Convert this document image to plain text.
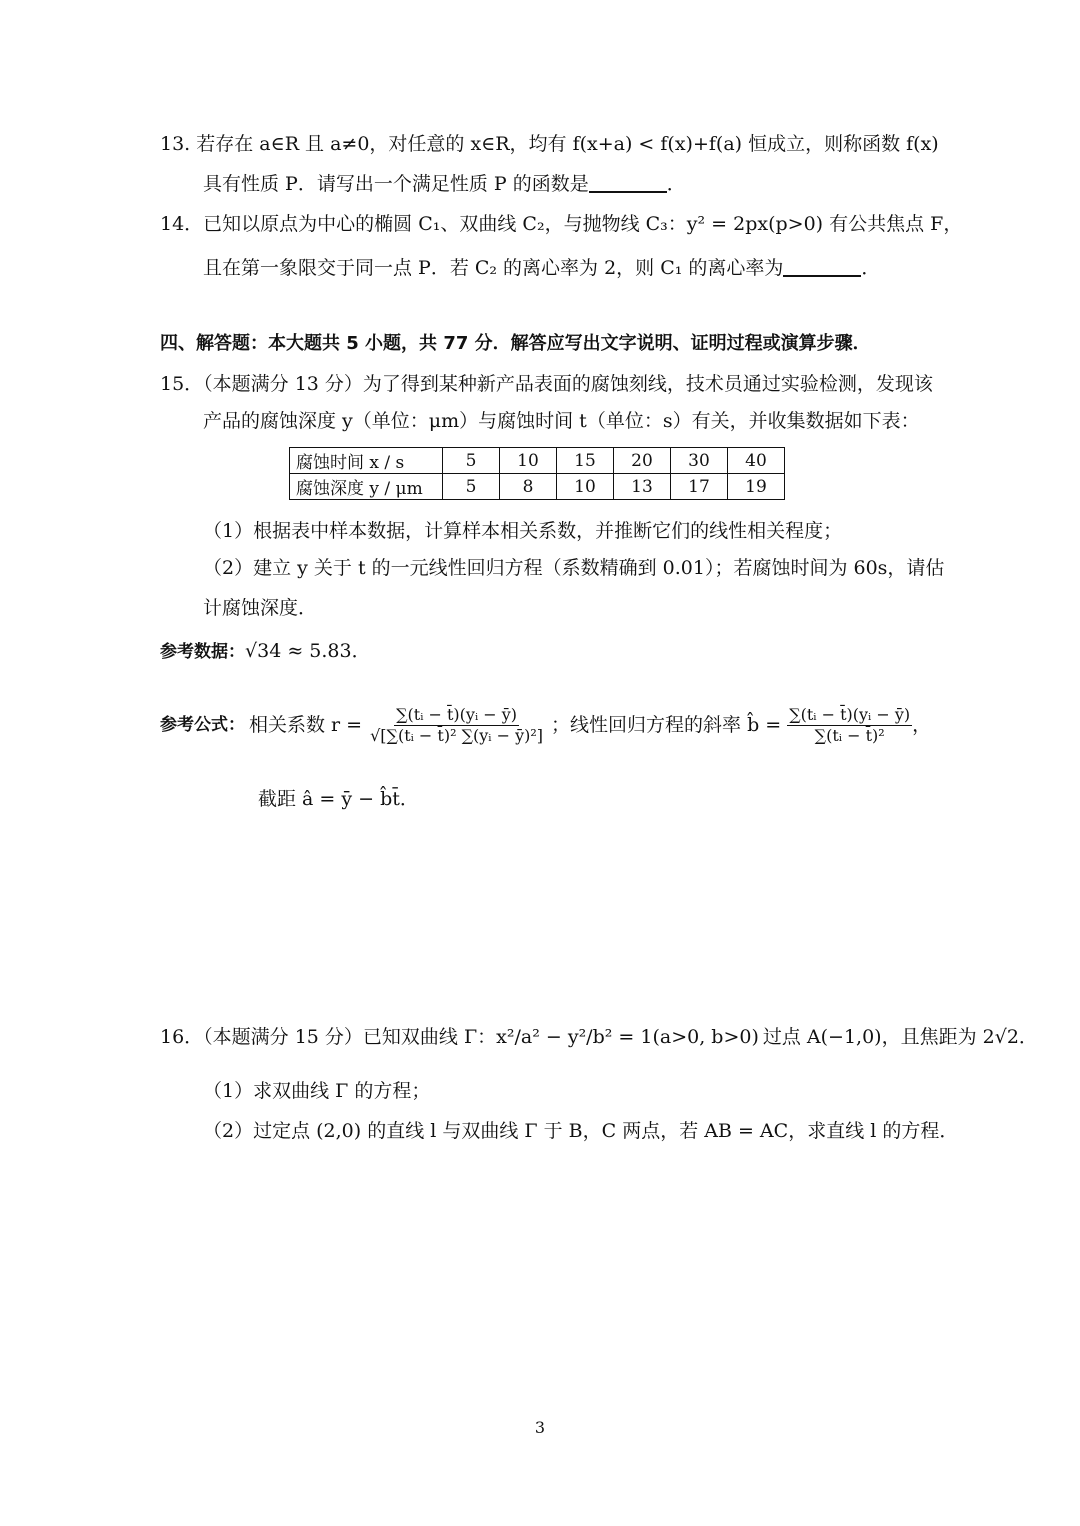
13. 若存在 a∈R 且 a≠0，对任意的 x∈R，均有 f(x+a) < f(x)+f(a) 恒成立，则称函数 f(x)
具有性质 P．请写出一个满足性质 P 的函数是	．
14．已知以原点为中心的椭圆 C₁、双曲线 C₂，与抛物线 C₃：y² = 2px(p>0) 有公共焦点 F，
且在第一象限交于同一点 P．若 C₂ 的离心率为 2，则 C₁ 的离心率为	．
四、解答题：本大题共 5 小题，共 77 分．解答应写出文字说明、证明过程或演算步骤．
15．（本题满分 13 分）为了得到某种新产品表面的腐蚀刻线，技术员通过实验检测，发现该
产品的腐蚀深度 y（单位：μm）与腐蚀时间 t（单位：s）有关，并收集数据如下表：
腐蚀时间 x / s	5	10	15	20	30	40
腐蚀深度 y / μm	5	8	10	13	17	19
（1）根据表中样本数据，计算样本相关系数，并推断它们的线性相关程度；
（2）建立 y 关于 t 的一元线性回归方程（系数精确到 0.01）；若腐蚀时间为 60s，请估
计腐蚀深度．
参考数据：√34 ≈ 5.83．
参考公式： 相关系数 $r = \frac{\text{∑(tᵢ − t̄)(yᵢ − ȳ)}}{\text{√[∑(tᵢ − t̄)² ∑(yᵢ − ȳ)²]}}$ ；线性回归方程的斜率 b̂ = $\frac{\text{∑(tᵢ − t̄)(yᵢ − ȳ)}}{\text{∑(tᵢ − t̄)²}}$ ，
截距 â = ȳ − b̂t̄．
16．（本题满分 15 分）已知双曲线 Γ： x²/a² − y²/b² = 1(a>0, b>0) 过点 A(−1,0)，且焦距为 2√2．
（1）求双曲线 Γ 的方程；
（2）过定点 (2,0) 的直线 l 与双曲线 Γ 于 B，C 两点，若 AB = AC，求直线 l 的方程．
3
